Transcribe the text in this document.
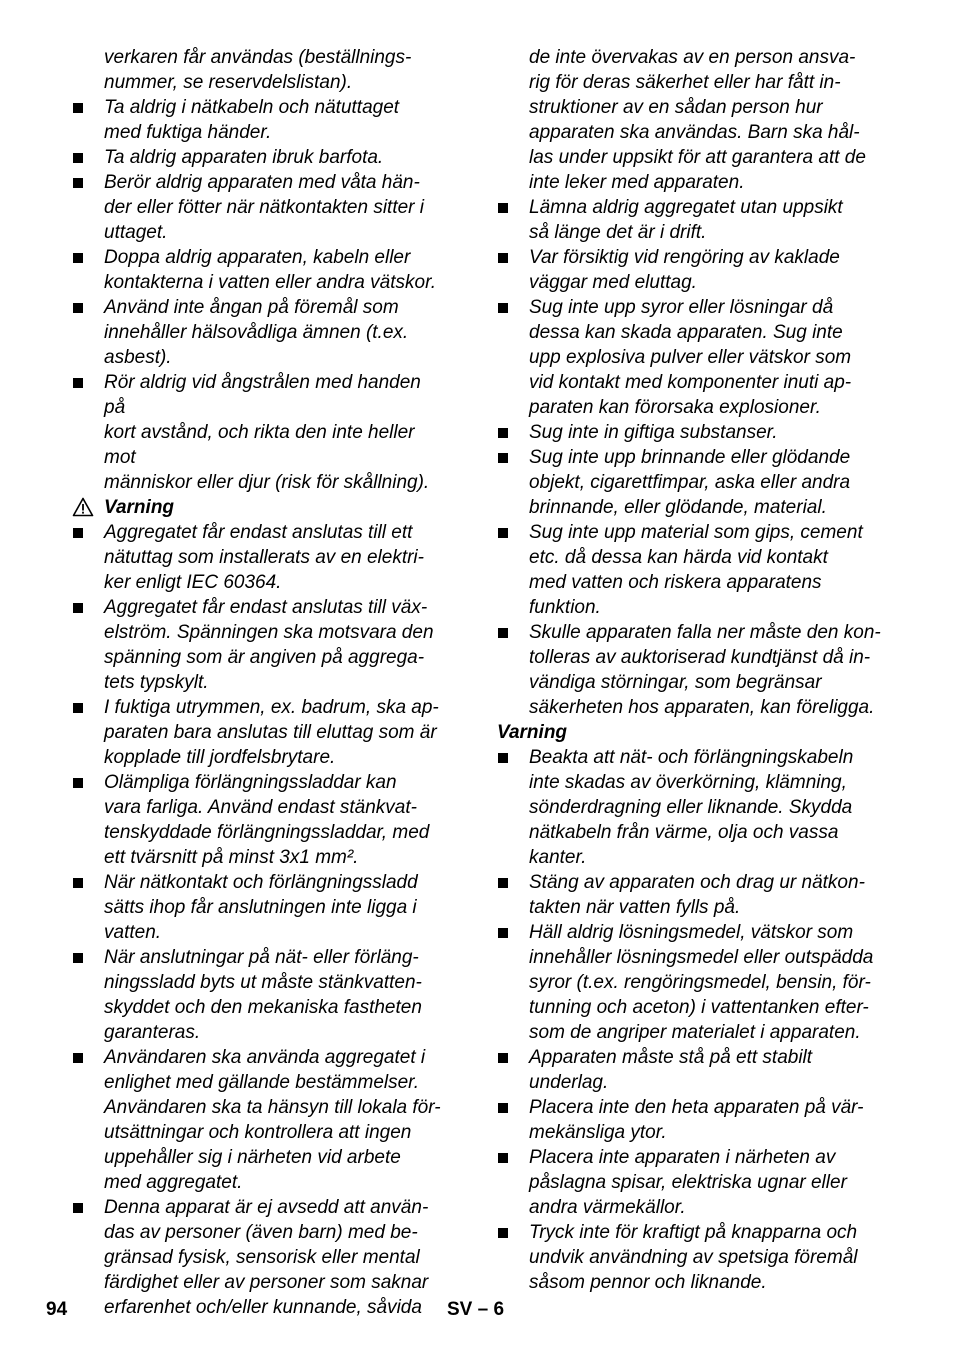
verkaren får användas (beställnings-
nummer, se reservdelslistan).
Ta aldrig i nätkabeln och nätuttaget
med fuktiga händer.
Ta aldrig apparaten ibruk barfota.
Berör aldrig apparaten med våta hän-
der eller fötter när nätkontakten sitter i
uttaget.
Doppa aldrig apparaten, kabeln eller
kontakterna i vatten eller andra vätskor.
Använd inte ångan på föremål som
innehåller hälsovådliga ämnen (t.ex.
asbest).
Rör aldrig vid ångstrålen med handen på
kort avstånd, och rikta den inte heller mot
människor eller djur (risk för skållning).
Varning
Aggregatet får endast anslutas till ett
nätuttag som installerats av en elektri-
ker enligt IEC 60364.
Aggregatet får endast anslutas till väx-
elström. Spänningen ska motsvara den
spänning som är angiven på aggrega-
tets typskylt.
I fuktiga utrymmen, ex. badrum, ska ap-
paraten bara anslutas till eluttag som är
kopplade till jordfelsbrytare.
Olämpliga förlängningssladdar kan
vara farliga. Använd endast stänkvat-
tenskyddade förlängningssladdar, med
ett tvärsnitt på minst 3x1 mm².
När nätkontakt och förlängningssladd
sätts ihop får anslutningen inte ligga i
vatten.
När anslutningar på nät- eller förläng-
ningssladd byts ut måste stänkvatten-
skyddet och den mekaniska fastheten
garanteras.
Användaren ska använda aggregatet i
enlighet med gällande bestämmelser.
Användaren ska ta hänsyn till lokala för-
utsättningar och kontrollera att ingen
uppehåller sig i närheten vid arbete
med aggregatet.
Denna apparat är ej avsedd att använ-
das av personer (även barn) med be-
gränsad fysisk, sensorisk eller mental
färdighet eller av personer som saknar
erfarenhet och/eller kunnande, såvida
de inte övervakas av en person ansva-
rig för deras säkerhet eller har fått in-
struktioner av en sådan person hur
apparaten ska användas. Barn ska hål-
las under uppsikt för att garantera att de
inte leker med apparaten.
Lämna aldrig aggregatet utan uppsikt
så länge det är i drift.
Var försiktig vid rengöring av kaklade
väggar med eluttag.
Sug inte upp syror eller lösningar då
dessa kan skada apparaten. Sug inte
upp explosiva pulver eller vätskor som
vid kontakt med komponenter inuti ap-
paraten kan förorsaka explosioner.
Sug inte in giftiga substanser.
Sug inte upp brinnande eller glödande
objekt, cigarettfimpar, aska eller andra
brinnande, eller glödande, material.
Sug inte upp material som gips, cement
etc. då dessa kan härda vid kontakt
med vatten och riskera apparatens
funktion.
Skulle apparaten falla ner måste den kon-
tolleras av auktoriserad kundtjänst då in-
vändiga störningar, som begränsar
säkerheten hos apparaten, kan föreligga.
Varning
Beakta att nät- och förlängningskabeln
inte skadas av överkörning, klämning,
sönderdragning eller liknande. Skydda
nätkabeln från värme, olja och vassa
kanter.
Stäng av apparaten och drag ur nätkon-
takten när vatten fylls på.
Häll aldrig lösningsmedel, vätskor som
innehåller lösningsmedel eller outspädda
syror (t.ex. rengöringsmedel, bensin, för-
tunning och aceton) i vattentanken efter-
som de angriper materialet i apparaten.
Apparaten måste stå på ett stabilt underlag.
Placera inte den heta apparaten på vär-
mekänsliga ytor.
Placera inte apparaten i närheten av
påslagna spisar, elektriska ugnar eller
andra värmekällor.
Tryck inte för kraftigt på knapparna och
undvik användning av spetsiga föremål
såsom pennor och liknande.
94	SV – 6
